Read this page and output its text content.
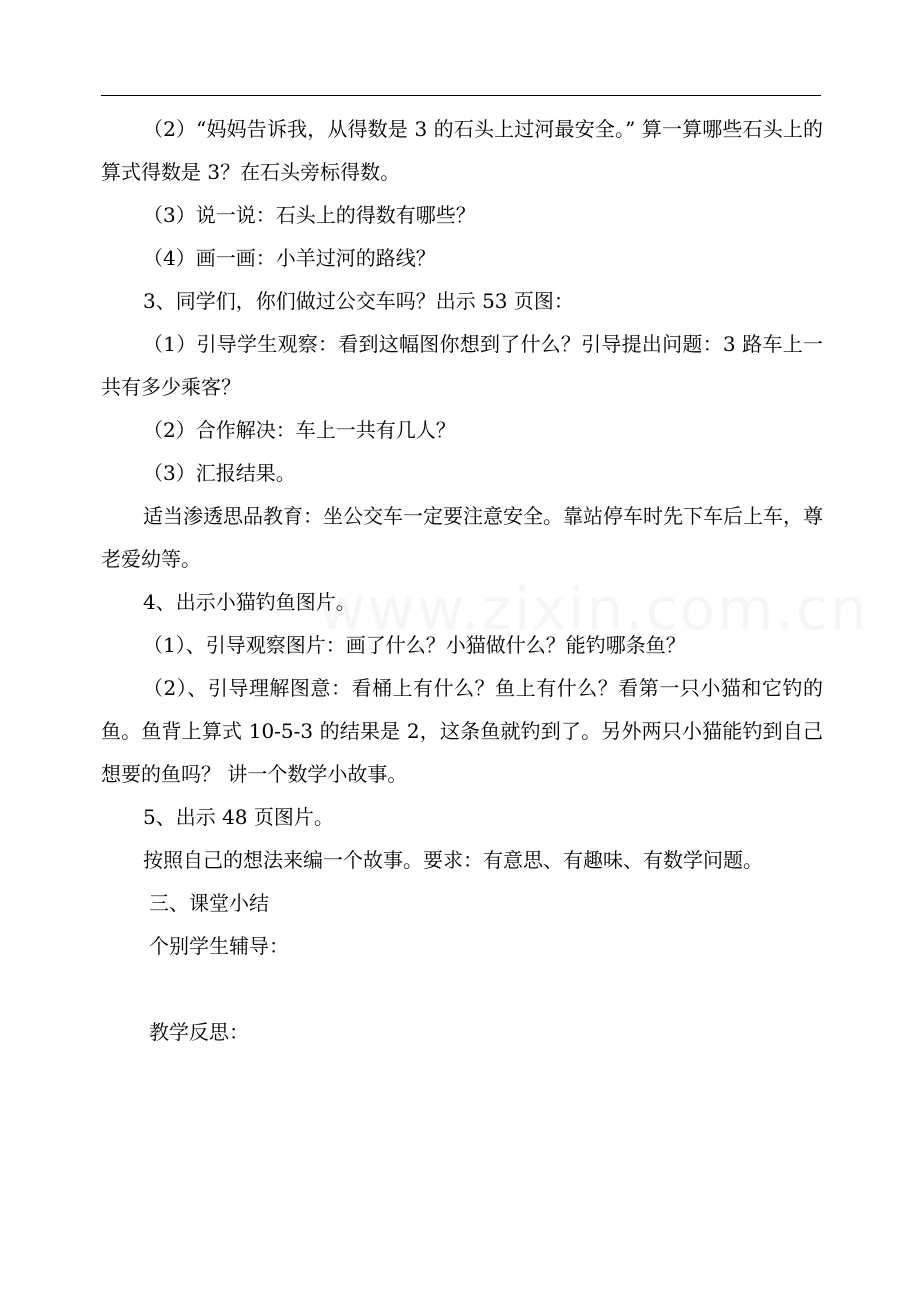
www.zixin.com.cn

（2）“妈妈告诉我，从得数是 3 的石头上过河最安全。” 算一算哪些石头上的算式得数是 3？在石头旁标得数。

（3）说一说：石头上的得数有哪些？

（4）画一画：小羊过河的路线？

3、同学们，你们做过公交车吗？出示 53 页图：

（1）引导学生观察：看到这幅图你想到了什么？引导提出问题：3 路车上一共有多少乘客？

（2）合作解决：车上一共有几人？

（3）汇报结果。

适当渗透思品教育：坐公交车一定要注意安全。靠站停车时先下车后上车，尊老爱幼等。

4、出示小猫钓鱼图片。

（1）、引导观察图片：画了什么？小猫做什么？能钓哪条鱼？

（2）、引导理解图意：看桶上有什么？鱼上有什么？看第一只小猫和它钓的鱼。鱼背上算式 10-5-3 的结果是 2，这条鱼就钓到了。另外两只小猫能钓到自己想要的鱼吗？ 讲一个数学小故事。

5、出示 48 页图片。

按照自己的想法来编一个故事。要求：有意思、有趣味、有数学问题。

三、课堂小结

个别学生辅导：

教学反思：
